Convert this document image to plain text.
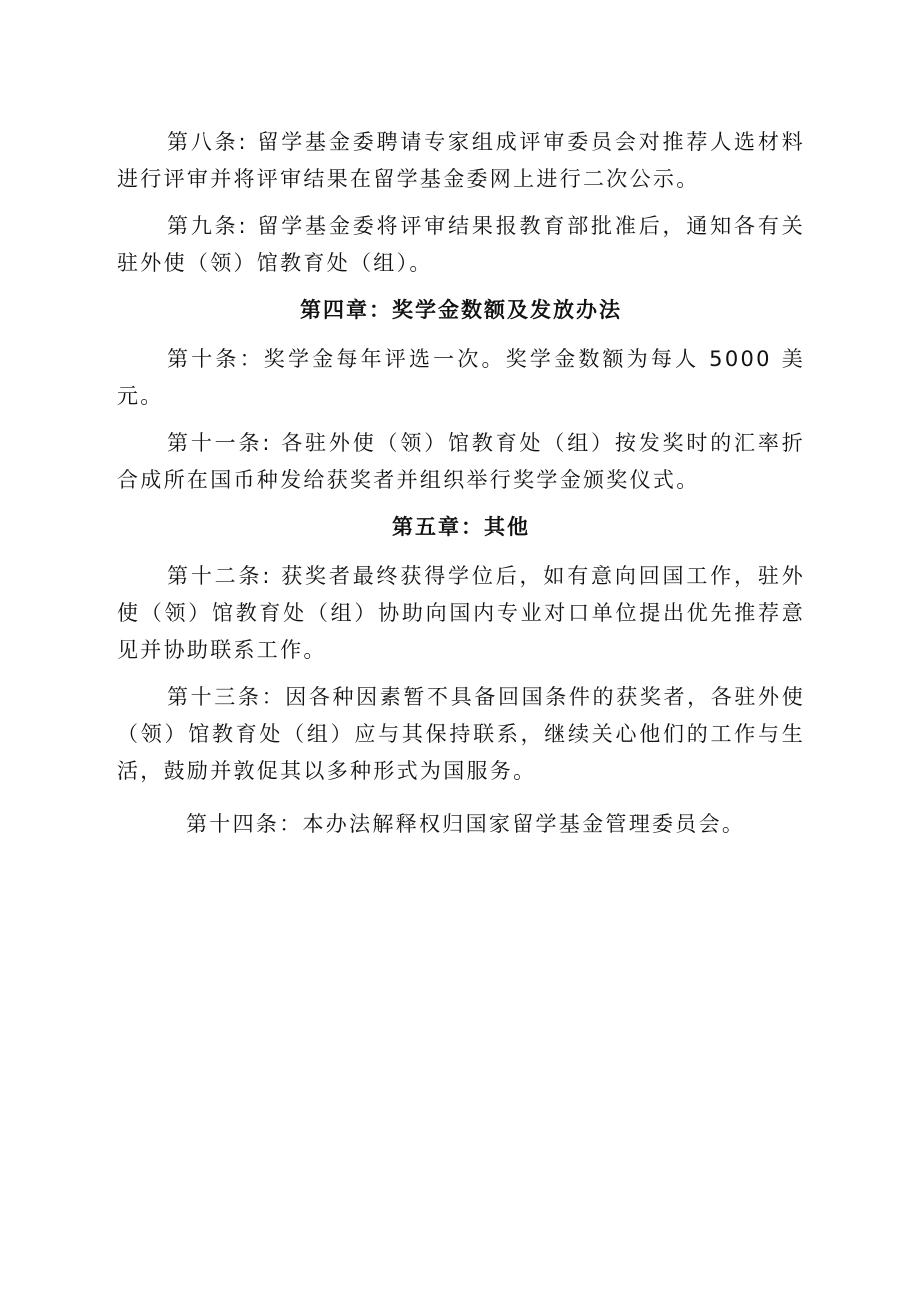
第八条: 留学基金委聘请专家组成评审委员会对推荐人选材料进行评审并将评审结果在留学基金委网上进行二次公示。

第九条: 留学基金委将评审结果报教育部批准后，通知各有关驻外使（领）馆教育处（组）。

第四章：奖学金数额及发放办法

第十条：奖学金每年评选一次。奖学金数额为每人 5000 美元。

第十一条: 各驻外使（领）馆教育处（组）按发奖时的汇率折合成所在国币种发给获奖者并组织举行奖学金颁奖仪式。

第五章：其他

第十二条: 获奖者最终获得学位后，如有意向回国工作，驻外使（领）馆教育处（组）协助向国内专业对口单位提出优先推荐意见并协助联系工作。

第十三条：因各种因素暂不具备回国条件的获奖者，各驻外使（领）馆教育处（组）应与其保持联系，继续关心他们的工作与生活，鼓励并敦促其以多种形式为国服务。

第十四条：本办法解释权归国家留学基金管理委员会。
